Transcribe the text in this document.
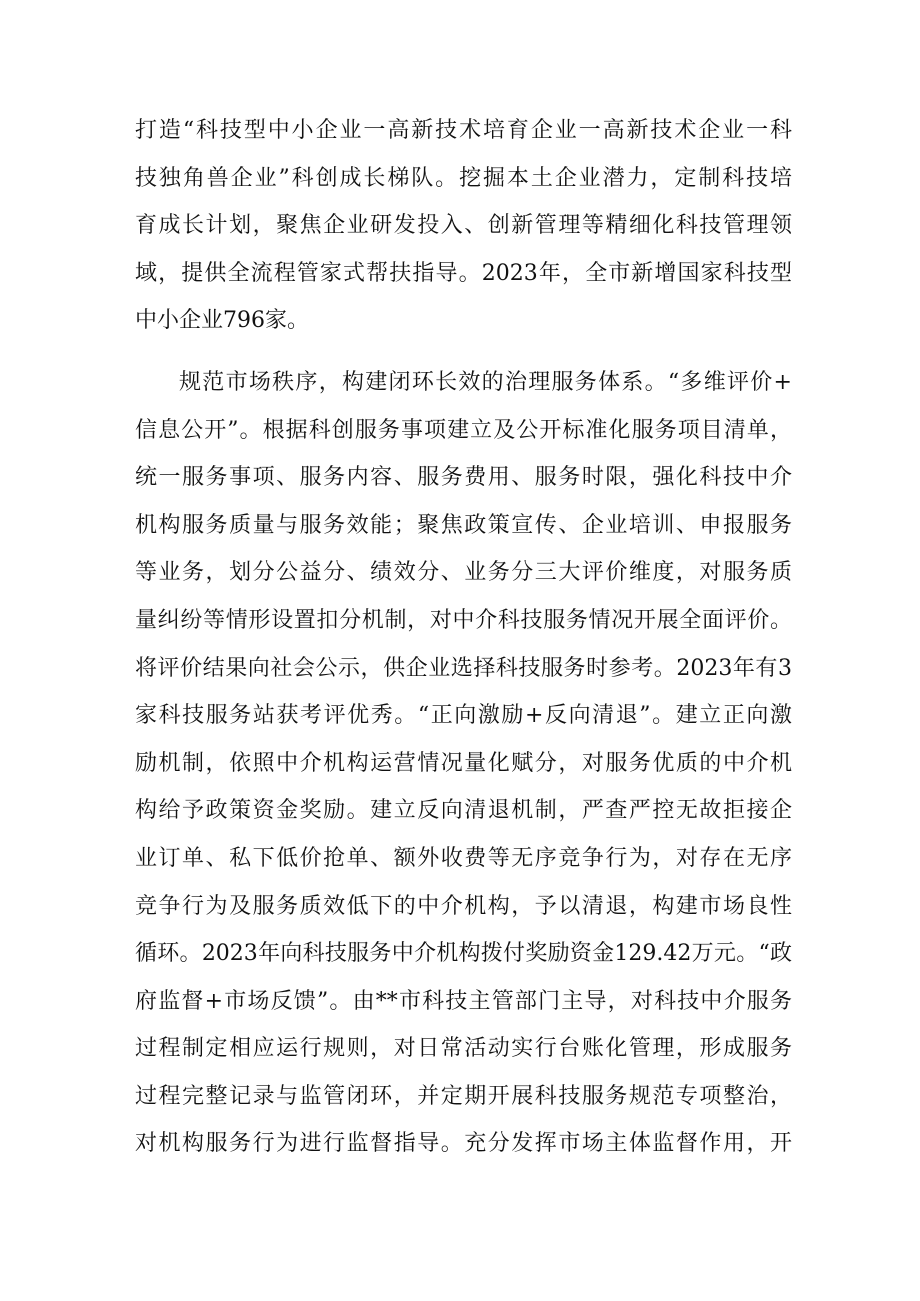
打造“科技型中小企业一高新技术培育企业一高新技术企业一科
技独角兽企业”科创成长梯队。挖掘本土企业潜力，定制科技培
育成长计划，聚焦企业研发投入、创新管理等精细化科技管理领
域，提供全流程管家式帮扶指导。2023年，全市新增国家科技型
中小企业796家。
规范市场秩序，构建闭环长效的治理服务体系。“多维评价+
信息公开”。根据科创服务事项建立及公开标准化服务项目清单，
统一服务事项、服务内容、服务费用、服务时限，强化科技中介
机构服务质量与服务效能；聚焦政策宣传、企业培训、申报服务
等业务，划分公益分、绩效分、业务分三大评价维度，对服务质
量纠纷等情形设置扣分机制，对中介科技服务情况开展全面评价。
将评价结果向社会公示，供企业选择科技服务时参考。2023年有3
家科技服务站获考评优秀。“正向激励+反向清退”。建立正向激
励机制，依照中介机构运营情况量化赋分，对服务优质的中介机
构给予政策资金奖励。建立反向清退机制，严查严控无故拒接企
业订单、私下低价抢单、额外收费等无序竞争行为，对存在无序
竞争行为及服务质效低下的中介机构，予以清退，构建市场良性
循环。2023年向科技服务中介机构拨付奖励资金129.42万元。“政
府监督+市场反馈”。由**市科技主管部门主导，对科技中介服务
过程制定相应运行规则，对日常活动实行台账化管理，形成服务
过程完整记录与监管闭环，并定期开展科技服务规范专项整治，
对机构服务行为进行监督指导。充分发挥市场主体监督作用，开
